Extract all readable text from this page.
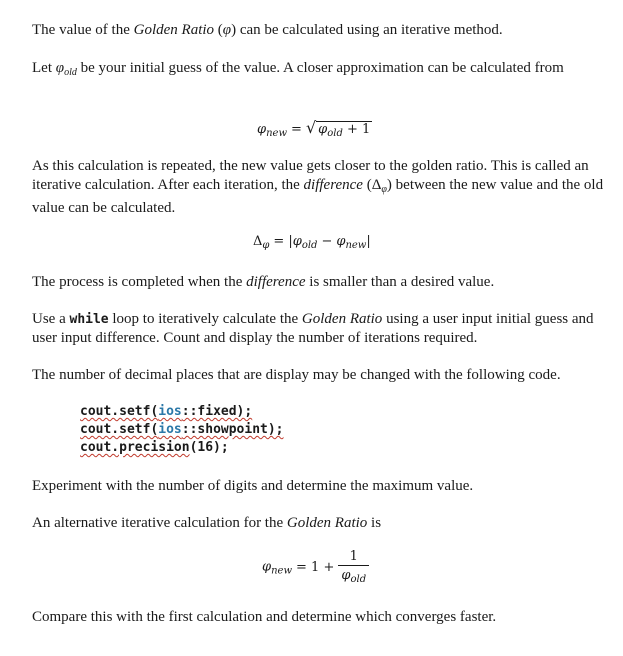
The value of the Golden Ratio (φ) can be calculated using an iterative method.

Let $\varphi_{old}$ be your initial guess of the value. A closer approximation can be calculated from

$\varphi_{new}$ = √ $\varphi_{old} + 1$

As this calculation is repeated, the new value gets closer to the golden ratio. This is called an iterative calculation. After each iteration, the difference $(\Delta_\varphi)$ between the new value and the old value can be calculated.

$\Delta_\varphi = |\varphi_{old} - \varphi_{new}|$

The process is completed when the difference is smaller than a desired value.

Use a while loop to iteratively calculate the Golden Ratio using a user input initial guess and user input difference. Count and display the number of iterations required.

The number of decimal places that are display may be changed with the following code.

cout.setf(ios::fixed);
cout.setf(ios::showpoint);
cout.precision(16);

Experiment with the number of digits and determine the maximum value.

An alternative iterative calculation for the Golden Ratio is

$\varphi_{new} = 1 + \frac{1}{\varphi_{old}}$

Compare this with the first calculation and determine which converges faster.
